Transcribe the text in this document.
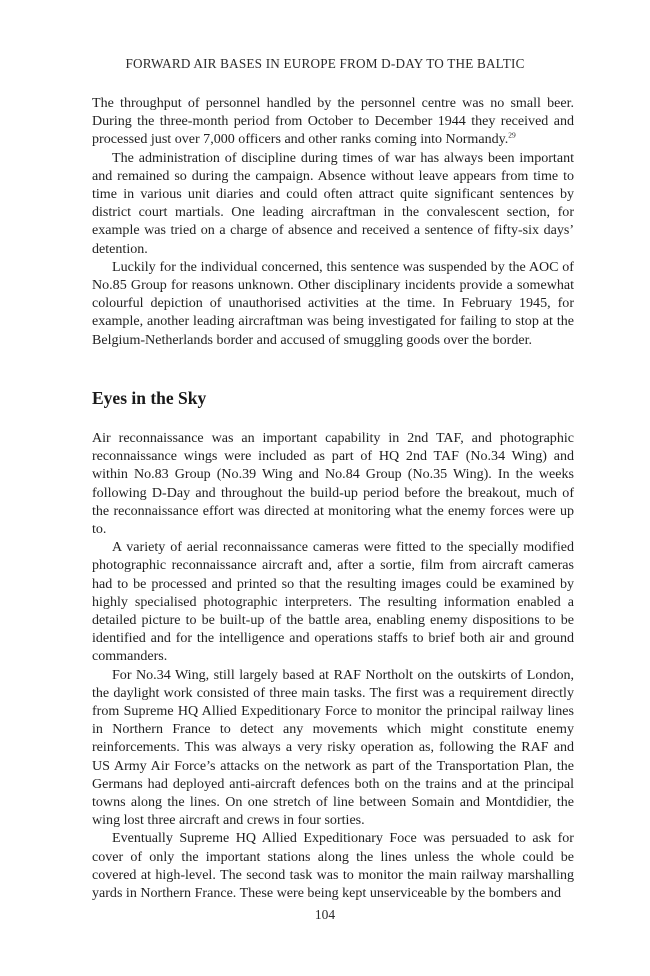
FORWARD AIR BASES IN EUROPE FROM D-DAY TO THE BALTIC

The throughput of personnel handled by the personnel centre was no small beer. During the three-month period from October to December 1944 they received and processed just over 7,000 officers and other ranks coming into Normandy.$^{29}$

The administration of discipline during times of war has always been important and remained so during the campaign. Absence without leave appears from time to time in various unit diaries and could often attract quite significant sentences by district court martials. One leading aircraftman in the convalescent section, for example was tried on a charge of absence and received a sentence of fifty-six days’ detention.

Luckily for the individual concerned, this sentence was suspended by the AOC of No.85 Group for reasons unknown. Other disciplinary incidents provide a somewhat colourful depiction of unauthorised activities at the time. In February 1945, for example, another leading aircraftman was being investigated for failing to stop at the Belgium-Netherlands border and accused of smuggling goods over the border.

Eyes in the Sky

Air reconnaissance was an important capability in 2nd TAF, and photographic reconnaissance wings were included as part of HQ 2nd TAF (No.34 Wing) and within No.83 Group (No.39 Wing and No.84 Group (No.35 Wing). In the weeks following D-Day and throughout the build-up period before the breakout, much of the reconnaissance effort was directed at monitoring what the enemy forces were up to.

A variety of aerial reconnaissance cameras were fitted to the specially modified photographic reconnaissance aircraft and, after a sortie, film from aircraft cameras had to be processed and printed so that the resulting images could be examined by highly specialised photographic interpreters. The resulting information enabled a detailed picture to be built-up of the battle area, enabling enemy dispositions to be identified and for the intelligence and operations staffs to brief both air and ground commanders.

For No.34 Wing, still largely based at RAF Northolt on the outskirts of London, the daylight work consisted of three main tasks. The first was a requirement directly from Supreme HQ Allied Expeditionary Force to monitor the principal railway lines in Northern France to detect any movements which might constitute enemy reinforcements. This was always a very risky operation as, following the RAF and US Army Air Force’s attacks on the network as part of the Transportation Plan, the Germans had deployed anti-aircraft defences both on the trains and at the principal towns along the lines. On one stretch of line between Somain and Montdidier, the wing lost three aircraft and crews in four sorties.

Eventually Supreme HQ Allied Expeditionary Foce was persuaded to ask for cover of only the important stations along the lines unless the whole could be covered at high-level. The second task was to monitor the main railway marshalling yards in Northern France. These were being kept unserviceable by the bombers and

104
